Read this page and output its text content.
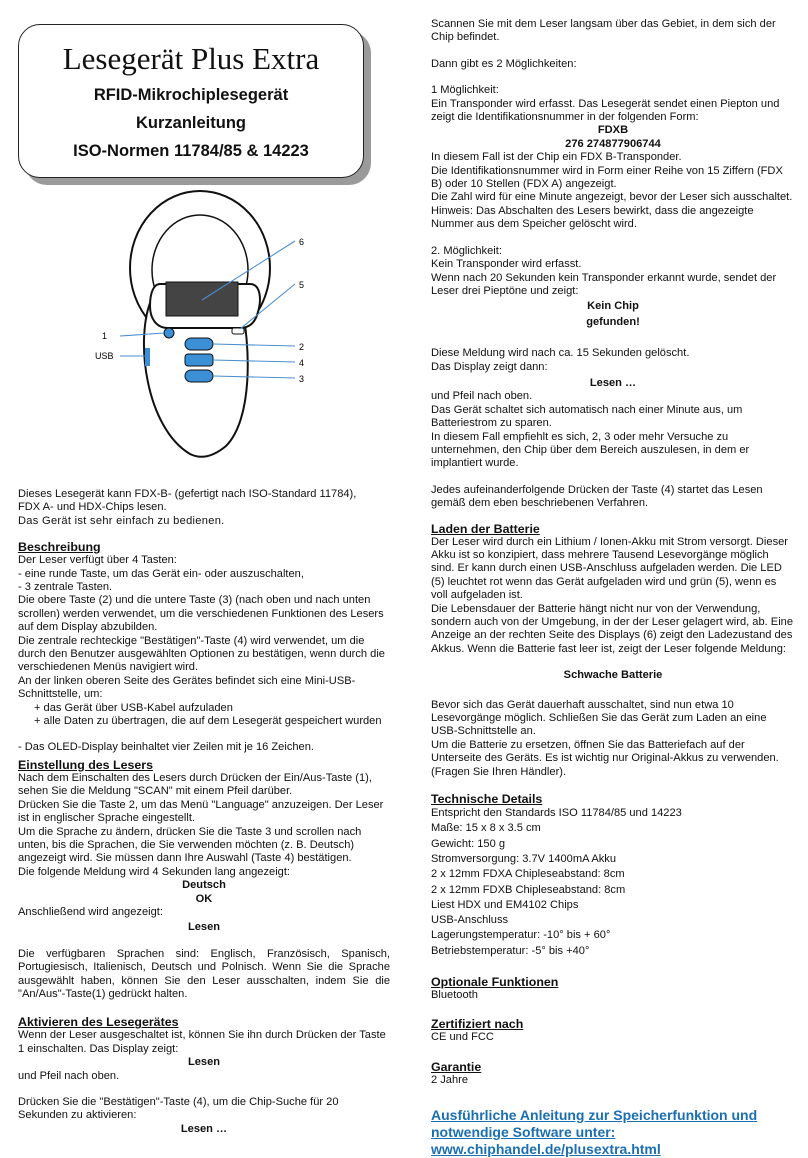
Lesegerät Plus Extra
RFID-Mikrochiplesegerät
Kurzanleitung
ISO-Normen 11784/85 & 14223
6
5
1
USB
2
4
3

Dieses Lesegerät kann FDX-B- (gefertigt nach ISO-Standard 11784),

FDX A- und HDX-Chips lesen.

Das Gerät ist sehr einfach zu bedienen.

Beschreibung

Der Leser verfügt über 4 Tasten:

- eine runde Taste, um das Gerät ein- oder auszuschalten,

- 3 zentrale Tasten.

Die obere Taste (2) und die untere Taste (3) (nach oben und nach unten scrollen) werden verwendet, um die verschiedenen Funktionen des Lesers auf dem Display abzubilden.

Die zentrale rechteckige "Bestätigen"-Taste (4) wird verwendet, um die durch den Benutzer ausgewählten Optionen zu bestätigen, wenn durch die verschiedenen Menüs navigiert wird.

An der linken oberen Seite des Gerätes befindet sich eine Mini-USB-Schnittstelle, um:

+ das Gerät über USB-Kabel aufzuladen

+ alle Daten zu übertragen, die auf dem Lesegerät gespeichert wurden

- Das OLED-Display beinhaltet vier Zeilen mit je 16 Zeichen.

Einstellung des Lesers

Nach dem Einschalten des Lesers durch Drücken der Ein/Aus-Taste (1), sehen Sie die Meldung "SCAN" mit einem Pfeil darüber.

Drücken Sie die Taste 2, um das Menü "Language" anzuzeigen. Der Leser ist in englischer Sprache eingestellt.

Um die Sprache zu ändern, drücken Sie die Taste 3 und scrollen nach unten, bis die Sprachen, die Sie verwenden möchten (z. B. Deutsch) angezeigt wird. Sie müssen dann Ihre Auswahl (Taste 4) bestätigen.

Die folgende Meldung wird 4 Sekunden lang angezeigt:

Deutsch

OK

Anschließend wird angezeigt:

Lesen

Die verfügbaren Sprachen sind: Englisch, Französisch, Spanisch, Portugiesisch, Italienisch, Deutsch und Polnisch. Wenn Sie die Sprache ausgewählt haben, können Sie den Leser ausschalten, indem Sie die "An/Aus"-Taste(1) gedrückt halten.

Aktivieren des Lesegerätes

Wenn der Leser ausgeschaltet ist, können Sie ihn durch Drücken der Taste 1 einschalten. Das Display zeigt:

Lesen

und Pfeil nach oben.

Drücken Sie die "Bestätigen"-Taste (4), um die Chip-Suche für 20 Sekunden zu aktivieren:

Lesen …

Scannen Sie mit dem Leser langsam über das Gebiet, in dem sich der Chip befindet.

Dann gibt es 2 Möglichkeiten:

1 Möglichkeit:

Ein Transponder wird erfasst. Das Lesegerät sendet einen Piepton und zeigt die Identifikationsnummer in der folgenden Form:

FDXB

276 274877906744

In diesem Fall ist der Chip ein FDX B-Transponder.

Die Identifikationsnummer wird in Form einer Reihe von 15 Ziffern (FDX B) oder 10 Stellen (FDX A) angezeigt.

Die Zahl wird für eine Minute angezeigt, bevor der Leser sich ausschaltet.

Hinweis: Das Abschalten des Lesers bewirkt, dass die angezeigte Nummer aus dem Speicher gelöscht wird.

2. Möglichkeit:

Kein Transponder wird erfasst.

Wenn nach 20 Sekunden kein Transponder erkannt wurde, sendet der Leser drei Pieptöne und zeigt:

Kein Chip

gefunden!

Diese Meldung wird nach ca. 15 Sekunden gelöscht.

Das Display zeigt dann:

Lesen …

und Pfeil nach oben.

Das Gerät schaltet sich automatisch nach einer Minute aus, um Batteriestrom zu sparen.

In diesem Fall empfiehlt es sich, 2, 3 oder mehr Versuche zu unternehmen, den Chip über dem Bereich auszulesen, in dem er implantiert wurde.

Jedes aufeinanderfolgende Drücken der Taste (4) startet das Lesen gemäß dem eben beschriebenen Verfahren.

Laden der Batterie

Der Leser wird durch ein Lithium / Ionen-Akku mit Strom versorgt. Dieser Akku ist so konzipiert, dass mehrere Tausend Lesevorgänge möglich sind. Er kann durch einen USB-Anschluss aufgeladen werden. Die LED (5) leuchtet rot wenn das Gerät aufgeladen wird und grün (5), wenn es voll aufgeladen ist.

Die Lebensdauer der Batterie hängt nicht nur von der Verwendung, sondern auch von der Umgebung, in der der Leser gelagert wird, ab. Eine Anzeige an der rechten Seite des Displays (6) zeigt den Ladezustand des Akkus. Wenn die Batterie fast leer ist, zeigt der Leser folgende Meldung:

Schwache Batterie

Bevor sich das Gerät dauerhaft ausschaltet, sind nun etwa 10 Lesevorgänge möglich. Schließen Sie das Gerät zum Laden an eine USB-Schnittstelle an.

Um die Batterie zu ersetzen, öffnen Sie das Batteriefach auf der Unterseite des Geräts. Es ist wichtig nur Original-Akkus zu verwenden. (Fragen Sie Ihren Händler).

Technische Details

Entspricht den Standards ISO 11784/85 und 14223

Maße: 15 x 8 x 3.5 cm

Gewicht: 150 g

Stromversorgung: 3.7V 1400mA Akku

2 x 12mm FDXA Chipleseabstand: 8cm

2 x 12mm FDXB Chipleseabstand: 8cm

Liest HDX und EM4102 Chips

USB-Anschluss

Lagerungstemperatur: -10° bis + 60°

Betriebstemperatur: -5° bis +40°

Optionale Funktionen

Bluetooth

Zertifiziert nach

CE und FCC

Garantie

2 Jahre

Ausführliche Anleitung zur Speicherfunktion und

notwendige Software unter:

www.chiphandel.de/plusextra.html
